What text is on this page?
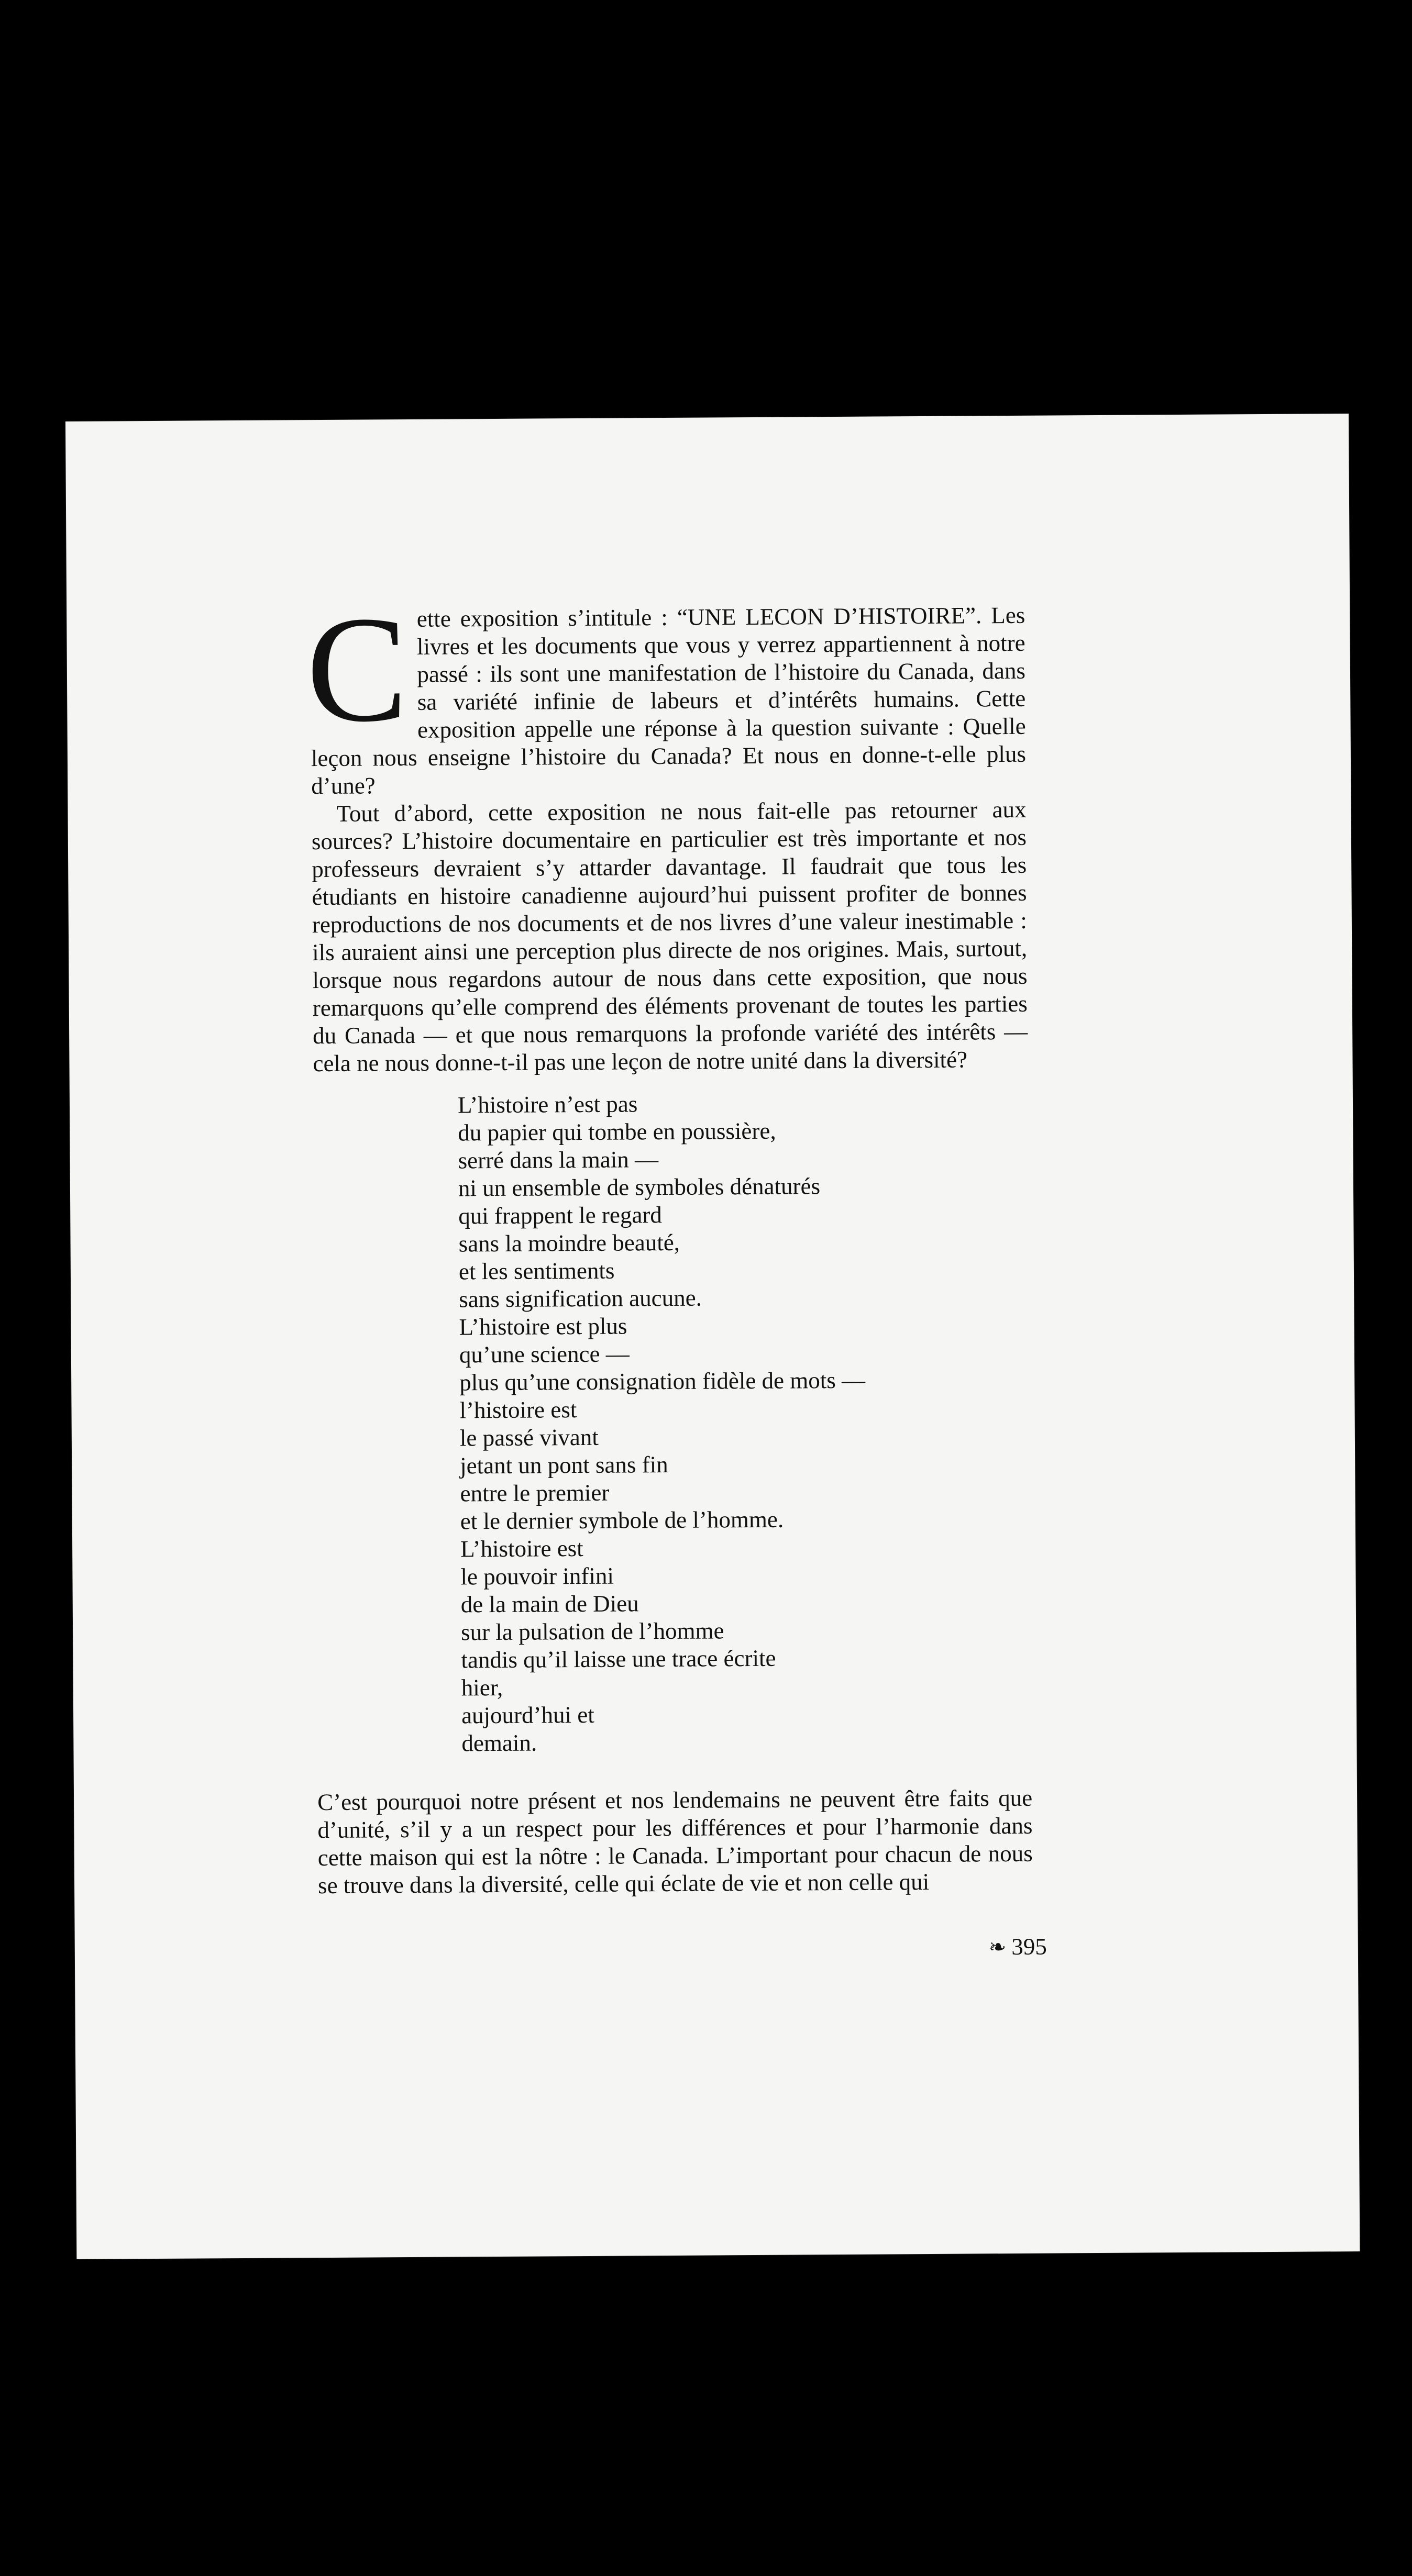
Cette exposition s’intitule : “UNE LECON D’HISTOIRE”. Les livres et les documents que vous y verrez appartiennent à notre passé : ils sont une manifestation de l’histoire du Canada, dans sa variété infinie de labeurs et d’intérêts humains. Cette exposition appelle une réponse à la question suivante : Quelle leçon nous enseigne l’histoire du Canada? Et nous en donne-t-elle plus d’une?

Tout d’abord, cette exposition ne nous fait-elle pas retourner aux sources? L’histoire documentaire en particulier est très importante et nos professeurs devraient s’y attarder davantage. Il faudrait que tous les étudiants en histoire canadienne aujourd’hui puissent profiter de bonnes reproductions de nos documents et de nos livres d’une valeur inestimable : ils auraient ainsi une perception plus directe de nos origines. Mais, surtout, lorsque nous regardons autour de nous dans cette exposition, que nous remarquons qu’elle comprend des éléments provenant de toutes les parties du Canada — et que nous remarquons la profonde variété des intérêts — cela ne nous donne-t-il pas une leçon de notre unité dans la diversité?

L’histoire n’est pas
du papier qui tombe en poussière,
serré dans la main —
ni un ensemble de symboles dénaturés
qui frappent le regard
sans la moindre beauté,
et les sentiments
sans signification aucune.
L’histoire est plus
qu’une science —
plus qu’une consignation fidèle de mots —
l’histoire est
le passé vivant
jetant un pont sans fin
entre le premier
et le dernier symbole de l’homme.
L’histoire est
le pouvoir infini
de la main de Dieu
sur la pulsation de l’homme
tandis qu’il laisse une trace écrite
hier,
aujourd’hui et
demain.

C’est pourquoi notre présent et nos lendemains ne peuvent être faits que d’unité, s’il y a un respect pour les différences et pour l’harmonie dans cette maison qui est la nôtre : le Canada. L’important pour chacun de nous se trouve dans la diversité, celle qui éclate de vie et non celle qui

❧ 395
